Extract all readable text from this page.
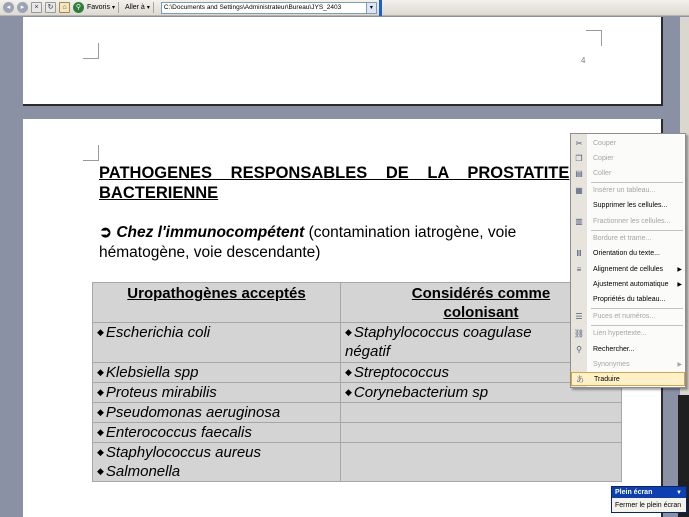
◂	▸	×	↻	⌂	⚲ Favoris ▾ Aller à ▾ C:\Documents and Settings\Administrateur\Bureau\JYS_2403	▾
4
PATHOGENES RESPONSABLES DE LA PROSTATITE
BACTERIENNE
➲ Chez l'immunocompétent (contamination iatrogène, voie
hématogène, voie descendante)
Uropathogènes acceptés	Considérés comme
colonisant
◆ Escherichia coli	◆ Staphylococcus coagulase
négatif
◆ Klebsiella spp	◆ Streptococcus
◆ Proteus mirabilis	◆ Corynebacterium sp
◆ Pseudomonas aeruginosa	
◆ Enterococcus faecalis	
◆ Staphylococcus aureus
◆ Salmonella	
✂ Couper
❐ Copier
▤ Coller
▦ Insérer un tableau...
Supprimer les cellules...
▥ Fractionner les cellules...
Bordure et trame...
Ⅲ	Orientation du texte...
≡	Alignement de cellules ▶
Ajustement automatique ▶
Propriétés du tableau...
☰ Puces et numéros...
⛓ Lien hypertexte...
⚲ Rechercher...
Synonymes	▶
あ Traduire
Plein écran	▼
Fermer le plein écran
